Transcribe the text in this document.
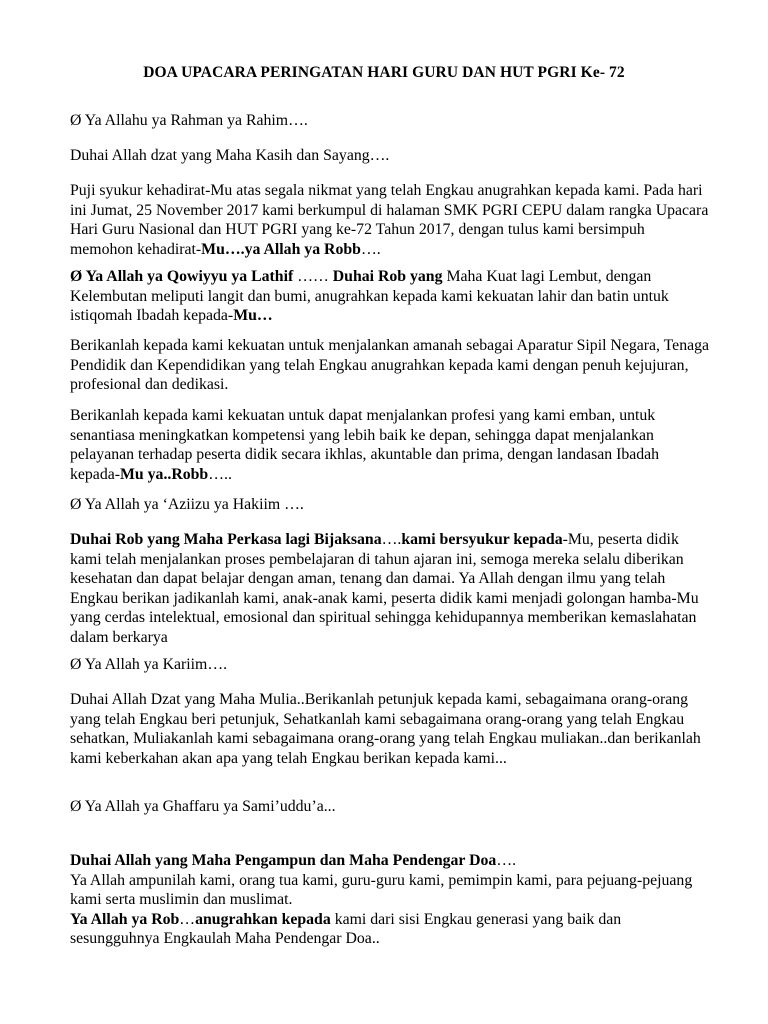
DOA UPACARA PERINGATAN HARI GURU DAN HUT PGRI Ke- 72

Ø Ya Allahu ya Rahman ya Rahim….

Duhai Allah dzat yang Maha Kasih dan Sayang….

Puji syukur kehadirat-Mu atas segala nikmat yang telah Engkau anugrahkan kepada kami. Pada hari ini Jumat, 25 November 2017 kami berkumpul di halaman SMK PGRI CEPU dalam rangka Upacara Hari Guru Nasional dan HUT PGRI yang ke-72 Tahun 2017, dengan tulus kami bersimpuh memohon kehadirat-Mu….ya Allah ya Robb….

Ø Ya Allah ya Qowiyyu ya Lathif …… Duhai Rob yang Maha Kuat lagi Lembut, dengan Kelembutan meliputi langit dan bumi, anugrahkan kepada kami kekuatan lahir dan batin untuk istiqomah Ibadah kepada-Mu…

Berikanlah kepada kami kekuatan untuk menjalankan amanah sebagai Aparatur Sipil Negara, Tenaga Pendidik dan Kependidikan yang telah Engkau anugrahkan kepada kami dengan penuh kejujuran, profesional dan dedikasi.

Berikanlah kepada kami kekuatan untuk dapat menjalankan profesi yang kami emban, untuk senantiasa meningkatkan kompetensi yang lebih baik ke depan, sehingga dapat menjalankan pelayanan terhadap peserta didik secara ikhlas, akuntable dan prima, dengan landasan Ibadah kepada-Mu ya..Robb…..

Ø Ya Allah ya ‘Aziizu ya Hakiim ….

Duhai Rob yang Maha Perkasa lagi Bijaksana….kami bersyukur kepada-Mu, peserta didik kami telah menjalankan proses pembelajaran di tahun ajaran ini, semoga mereka selalu diberikan kesehatan dan dapat belajar dengan aman, tenang dan damai. Ya Allah dengan ilmu yang telah Engkau berikan jadikanlah kami, anak-anak kami, peserta didik kami menjadi golongan hamba-Mu yang cerdas intelektual, emosional dan spiritual sehingga kehidupannya memberikan kemaslahatan dalam berkarya

Ø Ya Allah ya Kariim….

Duhai Allah Dzat yang Maha Mulia..Berikanlah petunjuk kepada kami, sebagaimana orang-orang yang telah Engkau beri petunjuk, Sehatkanlah kami sebagaimana orang-orang yang telah Engkau sehatkan, Muliakanlah kami sebagaimana orang-orang yang telah Engkau muliakan..dan berikanlah kami keberkahan akan apa yang telah Engkau berikan kepada kami...

Ø Ya Allah ya Ghaffaru ya Sami’uddu’a...

Duhai Allah yang Maha Pengampun dan Maha Pendengar Doa….
Ya Allah ampunilah kami, orang tua kami, guru-guru kami, pemimpin kami, para pejuang-pejuang kami serta muslimin dan muslimat.
Ya Allah ya Rob…anugrahkan kepada kami dari sisi Engkau generasi yang baik dan sesungguhnya Engkaulah Maha Pendengar Doa..
